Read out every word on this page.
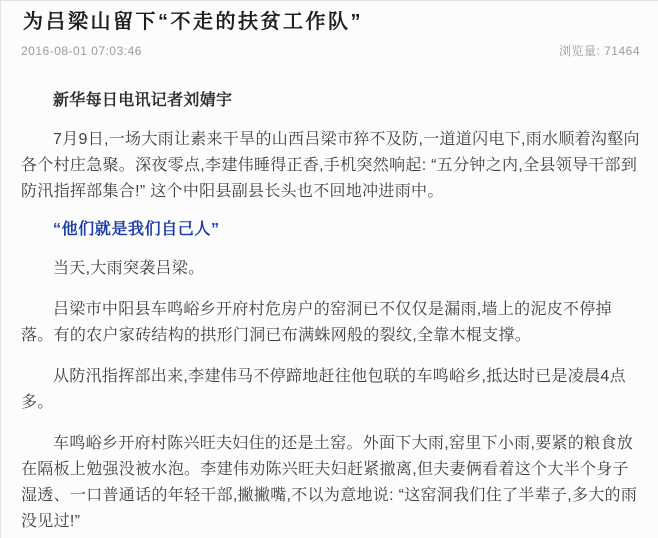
为吕梁山留下“不走的扶贫工作队”
2016-08-01 07:03:46	浏览量: 71464

新华每日电讯记者刘婧宇

7月9日,一场大雨让素来干旱的山西吕梁市猝不及防,一道道闪电下,雨水顺着沟壑向各个村庄急聚。深夜零点,李建伟睡得正香,手机突然响起: “五分钟之内,全县领导干部到防汛指挥部集合!” 这个中阳县副县长头也不回地冲进雨中。

“他们就是我们自己人”

当天,大雨突袭吕梁。

吕梁市中阳县车鸣峪乡开府村危房户的窑洞已不仅仅是漏雨,墙上的泥皮不停掉落。有的农户家砖结构的拱形门洞已布满蛛网般的裂纹,全靠木棍支撑。

从防汛指挥部出来,李建伟马不停蹄地赶往他包联的车鸣峪乡,抵达时已是凌晨4点多。

车鸣峪乡开府村陈兴旺夫妇住的还是土窑。外面下大雨,窑里下小雨,要紧的粮食放在隔板上勉强没被水泡。李建伟劝陈兴旺夫妇赶紧撤离,但夫妻俩看着这个大半个身子湿透、一口普通话的年轻干部,撇撇嘴,不以为意地说: “这窑洞我们住了半辈子,多大的雨没见过!”
